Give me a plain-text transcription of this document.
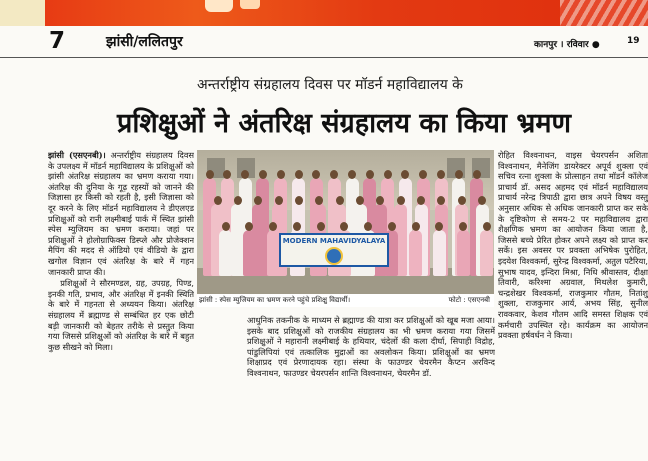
7	झांसी/ललितपुर	कानपुर । रविवार ●	19
अन्तर्राष्ट्रीय संग्रहालय दिवस पर मॉडर्न महाविद्यालय के
प्रशिक्षुओं ने अंतरिक्ष संग्रहालय का किया भ्रमण

झांसी (एसएनबी)। अन्तर्राष्ट्रीय संग्रहालय दिवस के उपलक्ष्य में मॉडर्न महाविद्यालय के प्रशिक्षुओं को झांसी अंतरिक्ष संग्रहालय का भ्रमण कराया गया। अंतरिक्ष की दुनिया के गूढ़ रहस्यों को जानने की जिज्ञासा हर किसी को रहती है, इसी जिज्ञासा को दूर करने के लिए मॉडर्न महाविद्यालय ने डीएलएड प्रशिक्षुओं को रानी लक्ष्मीबाई पार्क में स्थित झांसी स्पेस म्युजियम का भ्रमण कराया। जहां पर प्रशिक्षुओं ने होलोग्राफिक्स डिस्प्ले और प्रोजेक्शन मैपिंग की मदद से ऑडियो एवं वीडियो के द्वारा खगोल विज्ञान एवं अंतरिक्ष के बारे में गहन जानकारी प्राप्त की।

प्रशिक्षुओं ने सौरमण्डल, ग्रह, उपग्रह, पिण्ड, इनकी गति, प्रभाव, और अंतरिक्ष में इनकी स्थिति के बारे में गहनता से अध्ययन किया। अंतरिक्ष संग्रहालय में ब्रह्माण्ड से सम्बंधित हर एक छोटी बड़ी जानकारी को बेहतर तरीके से प्रस्तुत किया गया जिससे प्रशिक्षुओं को अंतरिक्ष के बारे में बहुत कुछ सीखने को मिला।

MODERN MAHAVIDYALAYA
झांसी : स्पेस म्युजियम का भ्रमण करने पहुंचे प्रशिक्षु विद्यार्थी।	फोटो : एसएनबी

आधुनिक तकनीक के माध्यम से ब्रह्माण्ड की यात्रा कर प्रशिक्षुओं को खूब मजा आया। इसके बाद प्रशिक्षुओं को राजकीय संग्रहालय का भी भ्रमण कराया गया जिसमें प्रशिक्षुओं ने महारानी लक्ष्मीबाई के हथियार, चंदेलों की कला दीर्घा, सिपाही विद्रोह, पांडुलिपियां एवं तत्कालिक मुद्राओं का अवलोकन किया। प्रशिक्षुओं का भ्रमण शिक्षाप्रद एवं प्रेरणादायक रहा। संस्था के फाउण्डर चेयरमैन कैप्टन अरविन्द विश्वनाथन, फाउण्डर चेयरपर्सन शान्ति विश्वनाथन, चेयरमैन डॉ.

रोहित विश्वनाथन, वाइस चेयरपर्सन अशिता विश्वनाथन, मैनेजिंग डायरेक्टर अपूर्व शुक्ला एवं सचिव रत्ना शुक्ला के प्रोत्साहन तथा मॉडर्न कॉलेज प्राचार्य डॉ. असद अहमद एवं मॉडर्न महाविद्यालय प्राचार्य नरेन्द्र त्रिपाठी द्वारा छात्र अपने विषय वस्तु अनुसार अधिक से अधिक जानकारी प्राप्त कर सके के दृष्टिकोण से समय-2 पर महाविद्यालय द्वारा शैक्षणिक भ्रमण का आयोजन किया जाता है, जिससे बच्चे प्रेरित होकर अपने लक्ष्य को प्राप्त कर सकें। इस अवसर पर प्रवक्ता अभिषेक पुरोहित, इदयेश विश्वकर्मा, सुरेन्द्र विश्वकर्मा, अतुल पटैरिया, सुभाष यादव, इन्दिरा मिश्रा, निधि श्रीवास्तव, दीक्षा तिवारी, करिश्मा अग्रवाल, मिथलेश कुमारी, चन्द्रशेखर विश्वकर्मा, राजकुमार गौतम, नितांशु शुक्ला, राजकुमार आर्य, अभय सिंह, सुनील रावकवार, केशव गौतम आदि समस्त शिक्षक एवं कर्मचारी उपस्थित रहे। कार्यक्रम का आयोजन प्रवक्ता हर्षवर्धन ने किया।
